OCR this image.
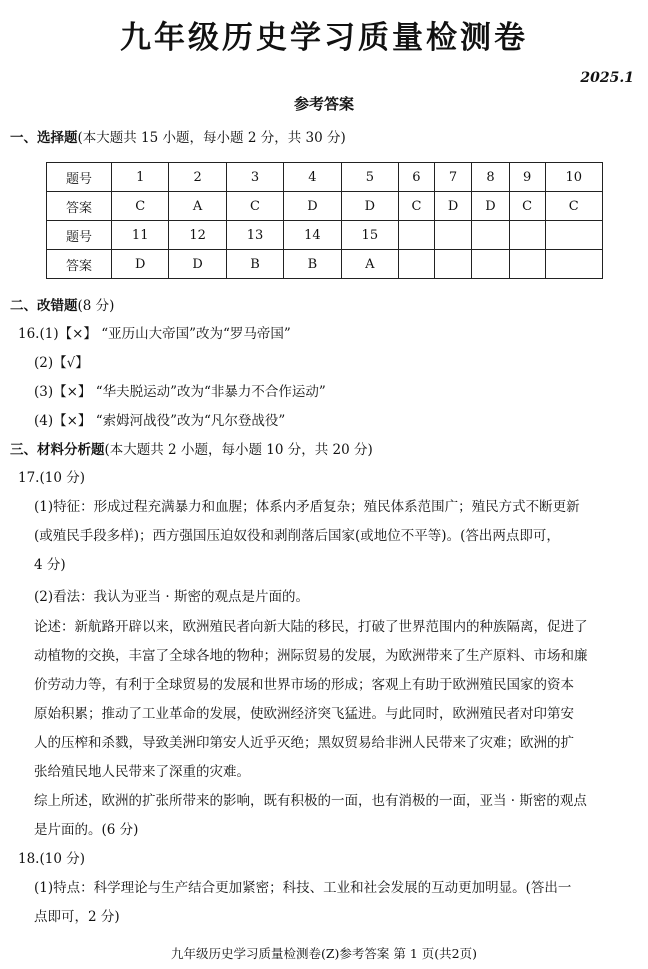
九年级历史学习质量检测卷
2025.1
参考答案
一、选择题(本大题共 15 小题，每小题 2 分，共 30 分)
题号	1	2	3	4	5	6	7	8	9	10
答案	C	A	C	D	D	C	D	D	C	C
题号	11	12	13	14	15					
答案	D	D	B	B	A					
二、改错题(8 分)
16.(1)【×】 “亚历山大帝国”改为“罗马帝国”
(2)【√】
(3)【×】 “华夫脱运动”改为“非暴力不合作运动”
(4)【×】 “索姆河战役”改为“凡尔登战役”
三、材料分析题(本大题共 2 小题，每小题 10 分，共 20 分)
17.(10 分)
(1)特征：形成过程充满暴力和血腥；体系内矛盾复杂；殖民体系范围广；殖民方式不断更新
(或殖民手段多样)；西方强国压迫奴役和剥削落后国家(或地位不平等)。(答出两点即可，
4 分)
(2)看法：我认为亚当 · 斯密的观点是片面的。
论述：新航路开辟以来，欧洲殖民者向新大陆的移民，打破了世界范围内的种族隔离，促进了
动植物的交换，丰富了全球各地的物种；洲际贸易的发展，为欧洲带来了生产原料、市场和廉
价劳动力等，有利于全球贸易的发展和世界市场的形成；客观上有助于欧洲殖民国家的资本
原始积累；推动了工业革命的发展，使欧洲经济突飞猛进。与此同时，欧洲殖民者对印第安
人的压榨和杀戮，导致美洲印第安人近乎灭绝；黑奴贸易给非洲人民带来了灾难；欧洲的扩
张给殖民地人民带来了深重的灾难。
综上所述，欧洲的扩张所带来的影响，既有积极的一面，也有消极的一面，亚当 · 斯密的观点
是片面的。(6 分)
18.(10 分)
(1)特点：科学理论与生产结合更加紧密；科技、工业和社会发展的互动更加明显。(答出一
点即可，2 分)
九年级历史学习质量检测卷(Z)参考答案 第 1 页(共2页)
